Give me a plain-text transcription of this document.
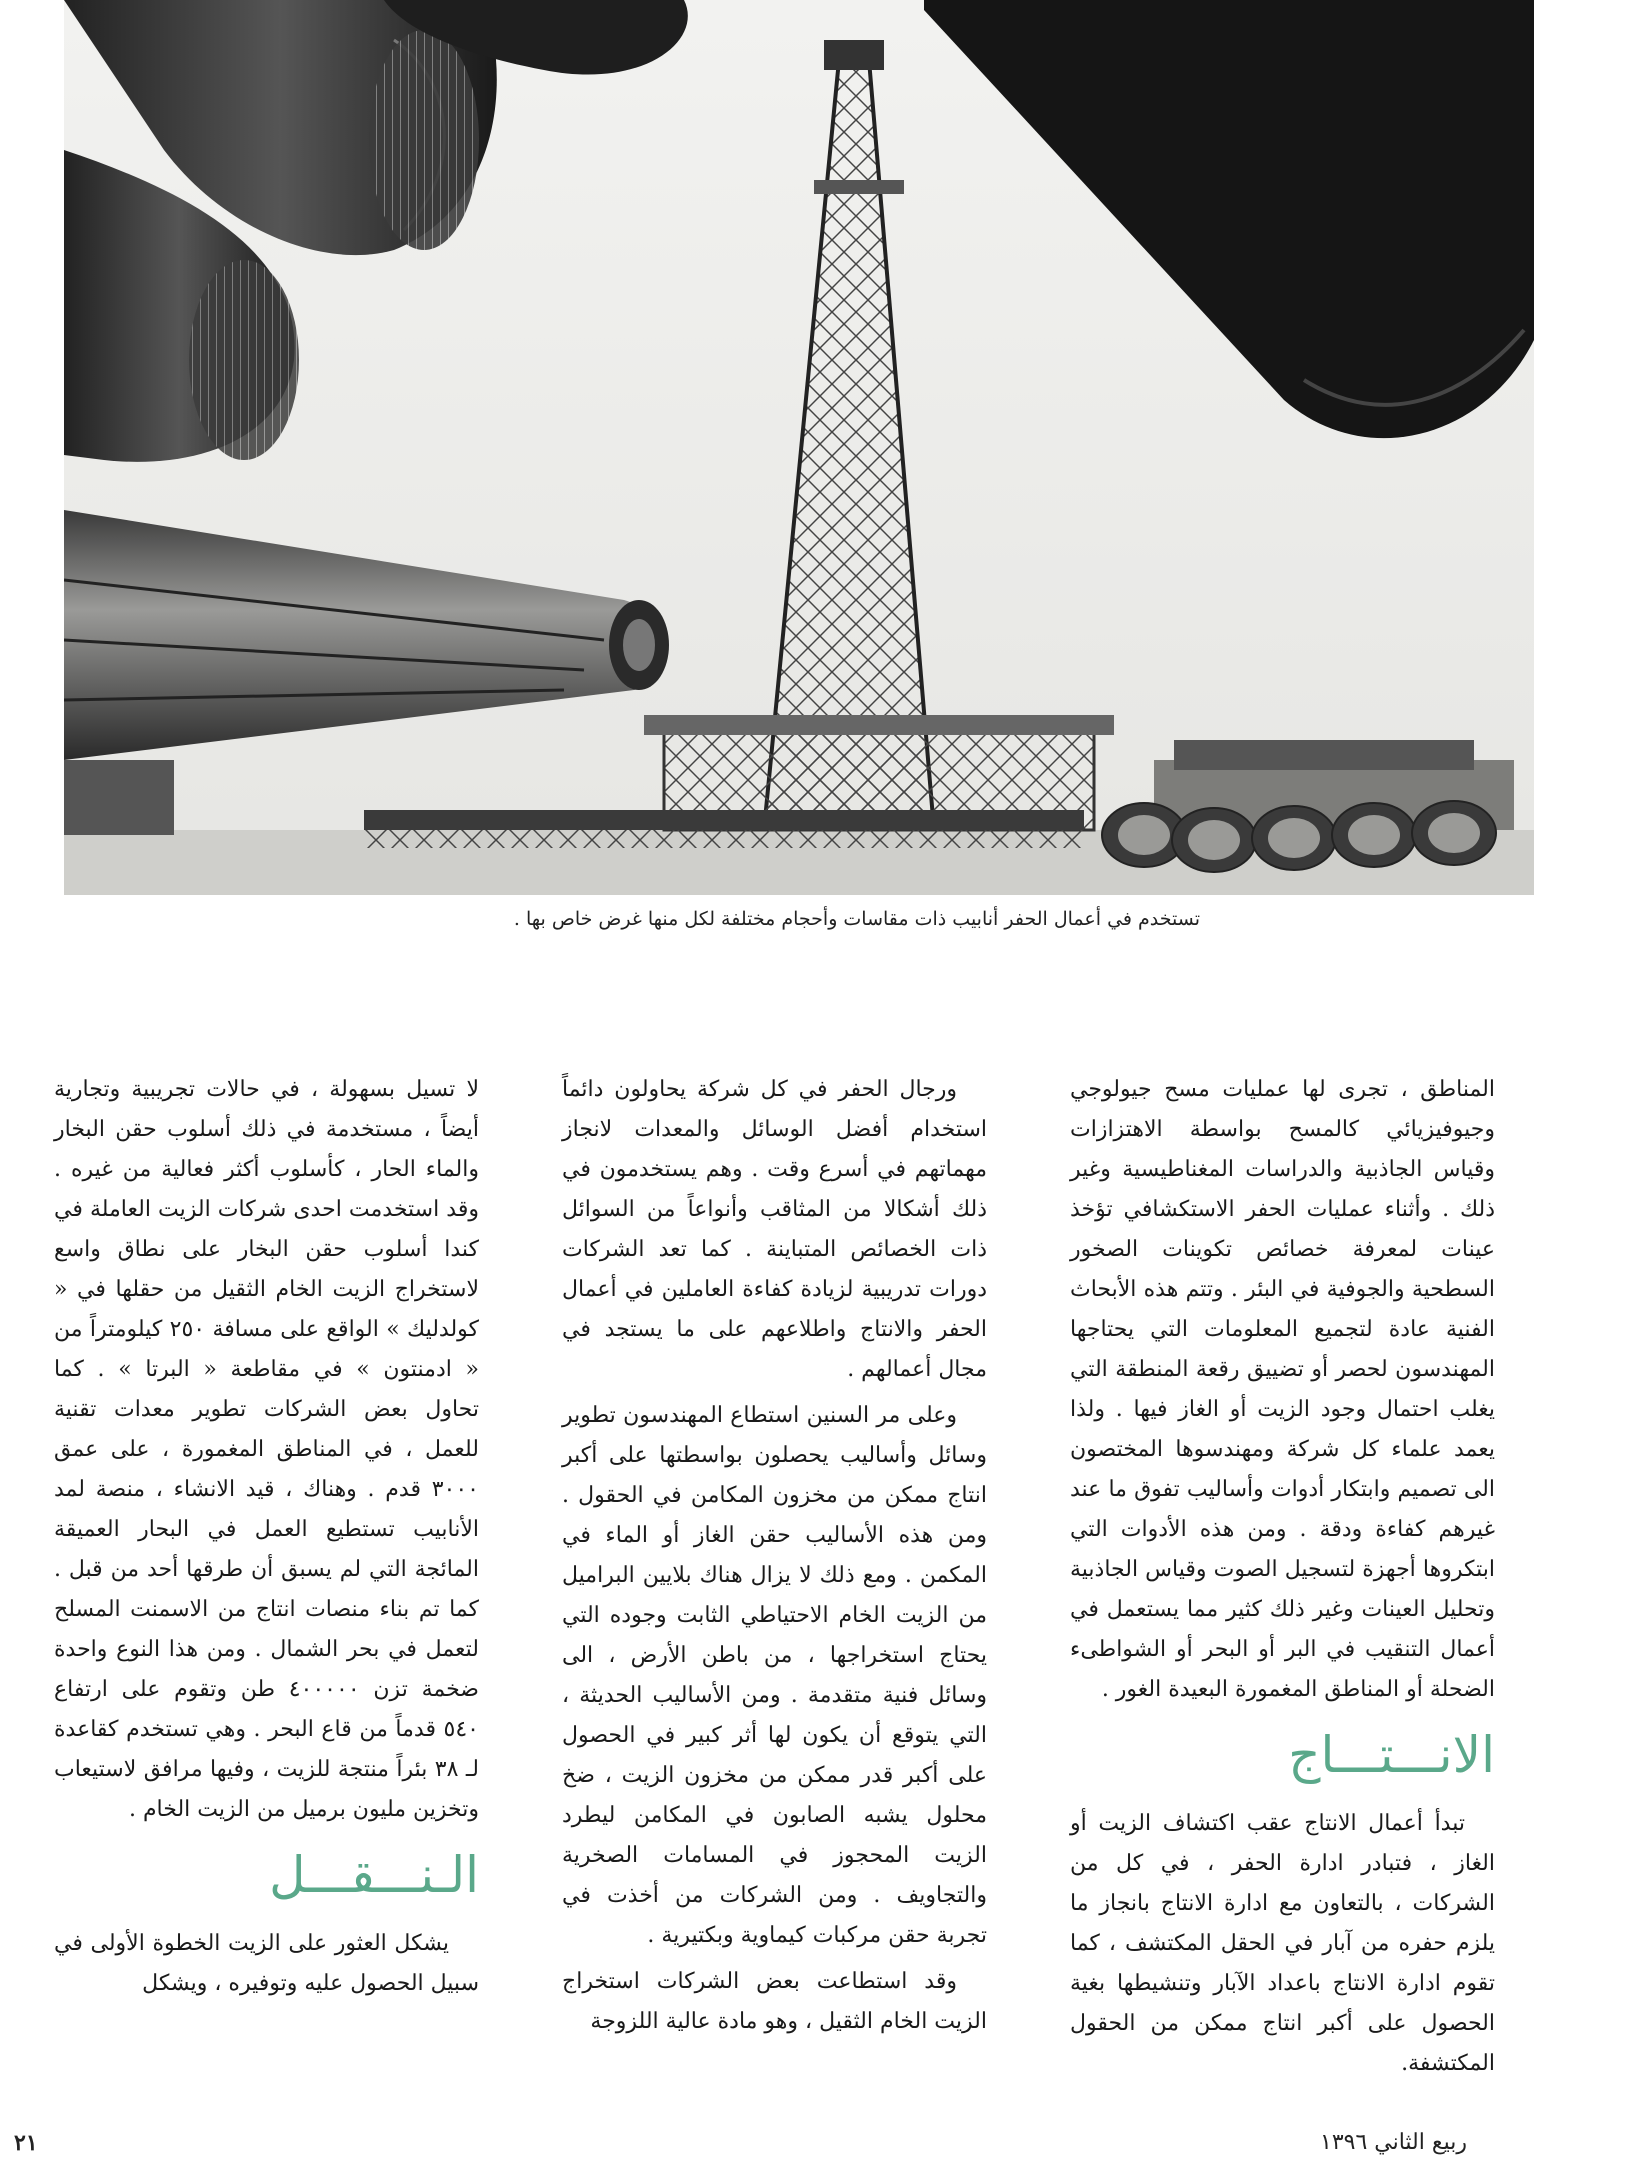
تستخدم في أعمال الحفر أنابيب ذات مقاسات وأحجام مختلفة لكل منها غرض خاص بها .

المناطق ، تجرى لها عمليات مسح جيولوجي وجيوفيزيائي كالمسح بواسطة الاهتزازات وقياس الجاذبية والدراسات المغناطيسية وغير ذلك . وأثناء عمليات الحفر الاستكشافي تؤخذ عينات لمعرفة خصائص تكوينات الصخور السطحية والجوفية في البئر . وتتم هذه الأبحاث الفنية عادة لتجميع المعلومات التي يحتاجها المهندسون لحصر أو تضييق رقعة المنطقة التي يغلب احتمال وجود الزيت أو الغاز فيها . ولذا يعمد علماء كل شركة ومهندسوها المختصون الى تصميم وابتكار أدوات وأساليب تفوق ما عند غيرهم كفاءة ودقة . ومن هذه الأدوات التي ابتكروها أجهزة لتسجيل الصوت وقياس الجاذبية وتحليل العينات وغير ذلك كثير مما يستعمل في أعمال التنقيب في البر أو البحر أو الشواطىء الضحلة أو المناطق المغمورة البعيدة الغور .

الانـــتـــاج

تبدأ أعمال الانتاج عقب اكتشاف الزيت أو الغاز ، فتبادر ادارة الحفر ، في كل من الشركات ، بالتعاون مع ادارة الانتاج بانجاز ما يلزم حفره من آبار في الحقل المكتشف ، كما تقوم ادارة الانتاج باعداد الآبار وتنشيطها بغية الحصول على أكبر انتاج ممكن من الحقول المكتشفة.

ورجال الحفر في كل شركة يحاولون دائماً استخدام أفضل الوسائل والمعدات لانجاز مهماتهم في أسرع وقت . وهم يستخدمون في ذلك أشكالا من المثاقب وأنواعاً من السوائل ذات الخصائص المتباينة . كما تعد الشركات دورات تدريبية لزيادة كفاءة العاملين في أعمال الحفر والانتاج واطلاعهم على ما يستجد في مجال أعمالهم .

وعلى مر السنين استطاع المهندسون تطوير وسائل وأساليب يحصلون بواسطتها على أكبر انتاج ممكن من مخزون المكامن في الحقول . ومن هذه الأساليب حقن الغاز أو الماء في المكمن . ومع ذلك لا يزال هناك بلايين البراميل من الزيت الخام الاحتياطي الثابت وجوده التي يحتاج استخراجها ، من باطن الأرض ، الى وسائل فنية متقدمة . ومن الأساليب الحديثة ، التي يتوقع أن يكون لها أثر كبير في الحصول على أكبر قدر ممكن من مخزون الزيت ، ضخ محلول يشبه الصابون في المكامن ليطرد الزيت المحجوز في المسامات الصخرية والتجاويف . ومن الشركات من أخذت في تجربة حقن مركبات كيماوية وبكتيرية .

وقد استطاعت بعض الشركات استخراج الزيت الخام الثقيل ، وهو مادة عالية اللزوجة

لا تسيل بسهولة ، في حالات تجريبية وتجارية أيضاً ، مستخدمة في ذلك أسلوب حقن البخار والماء الحار ، كأسلوب أكثر فعالية من غيره . وقد استخدمت احدى شركات الزيت العاملة في كندا أسلوب حقن البخار على نطاق واسع لاستخراج الزيت الخام الثقيل من حقلها في « كولدليك » الواقع على مسافة ٢٥٠ كيلومتراً من « ادمنتون » في مقاطعة « البرتا » . كما تحاول بعض الشركات تطوير معدات تقنية للعمل ، في المناطق المغمورة ، على عمق ٣٠٠٠ قدم . وهناك ، قيد الانشاء ، منصة لمد الأنابيب تستطيع العمل في البحار العميقة المائجة التي لم يسبق أن طرقها أحد من قبل . كما تم بناء منصات انتاج من الاسمنت المسلح لتعمل في بحر الشمال . ومن هذا النوع واحدة ضخمة تزن ٤٠٠٠٠٠ طن وتقوم على ارتفاع ٥٤٠ قدماً من قاع البحر . وهي تستخدم كقاعدة لـ ٣٨ بئراً منتجة للزيت ، وفيها مرافق لاستيعاب وتخزين مليون برميل من الزيت الخام .

الـنـــقـــل

يشكل العثور على الزيت الخطوة الأولى في سبيل الحصول عليه وتوفيره ، ويشكل

ربيع الثاني ١٣٩٦
٢١
